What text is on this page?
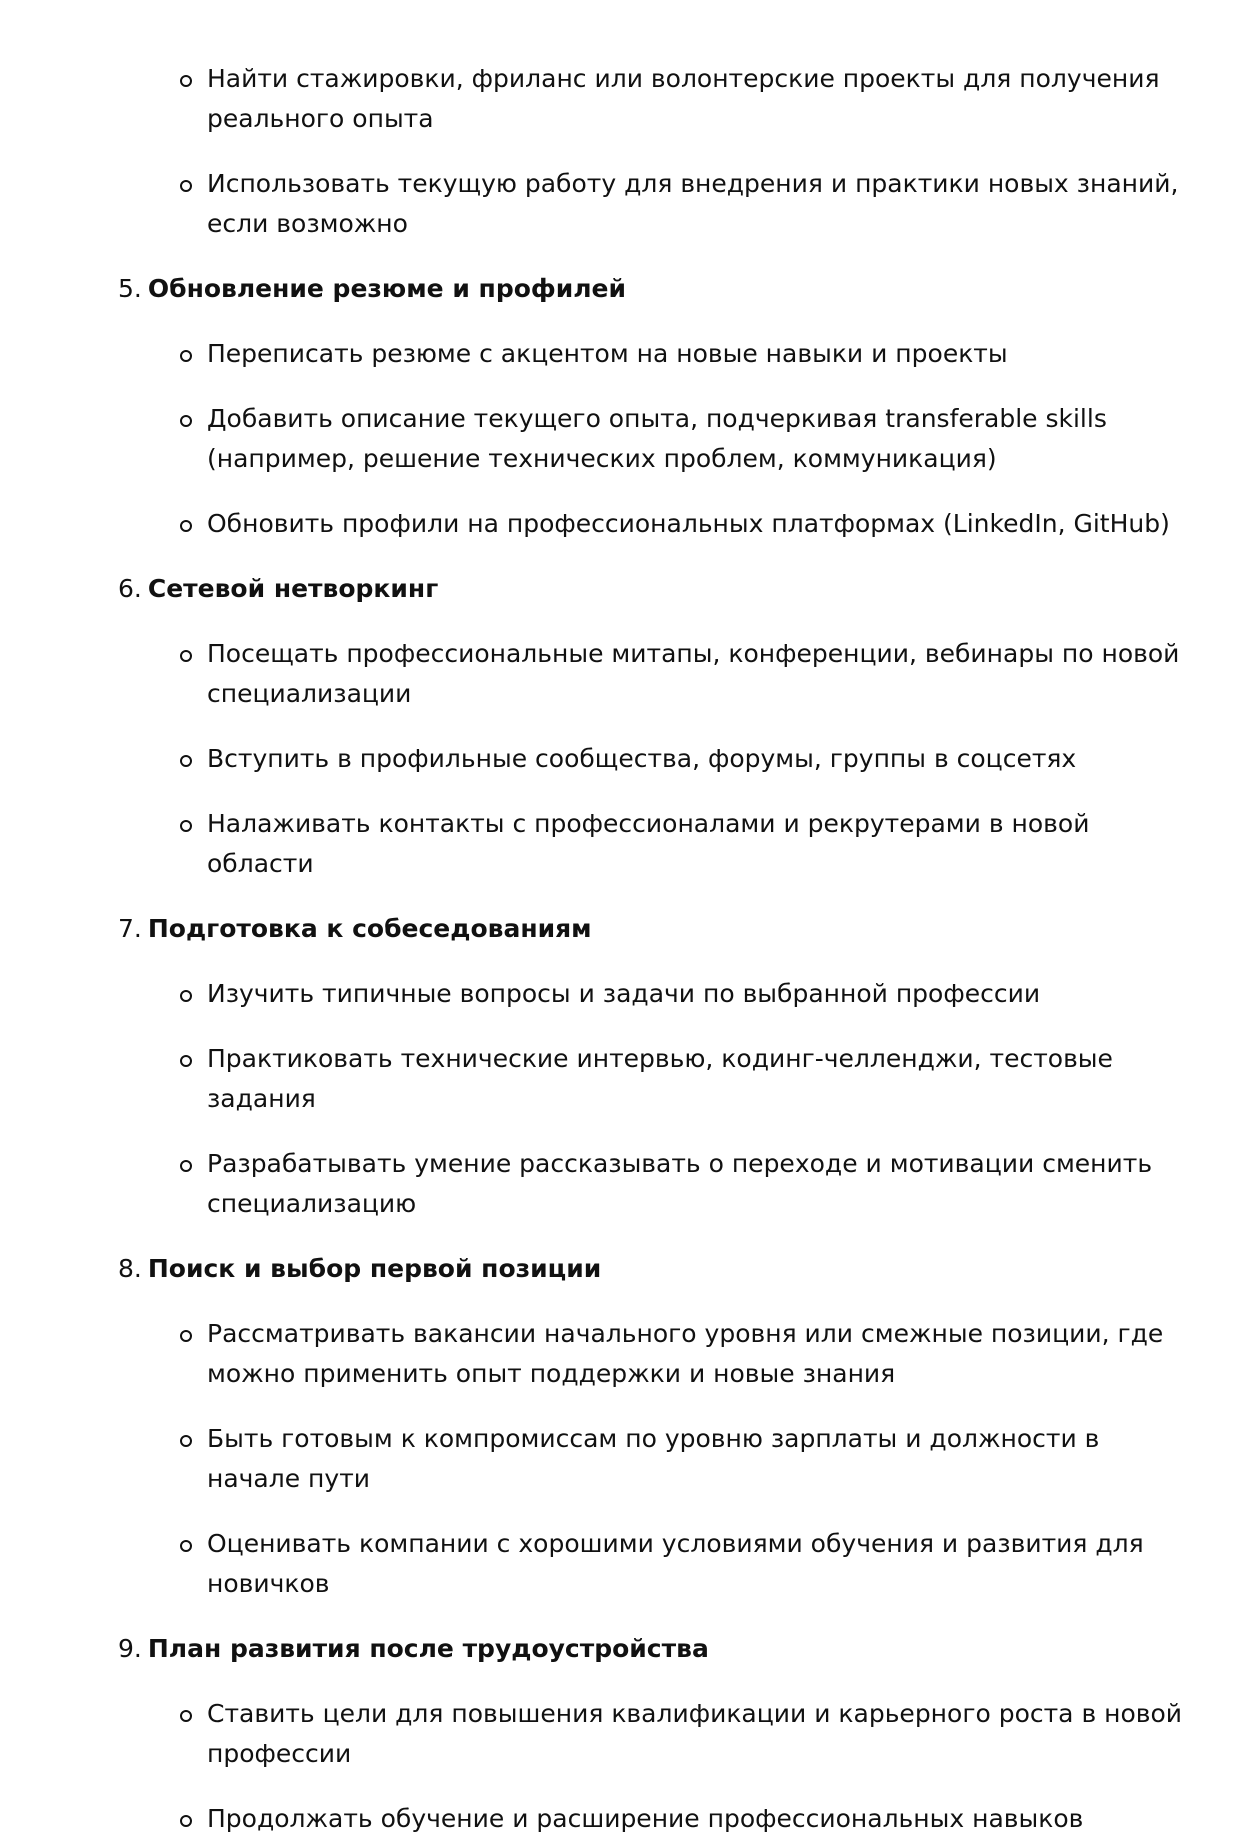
Найти стажировки, фриланс или волонтерские проекты для получения реального опыта
Использовать текущую работу для внедрения и практики новых знаний, если возможно
5. Обновление резюме и профилей
Переписать резюме с акцентом на новые навыки и проекты
Добавить описание текущего опыта, подчеркивая transferable skills (например, решение технических проблем, коммуникация)
Обновить профили на профессиональных платформах (LinkedIn, GitHub)
6. Сетевой нетворкинг
Посещать профессиональные митапы, конференции, вебинары по новой специализации
Вступить в профильные сообщества, форумы, группы в соцсетях
Налаживать контакты с профессионалами и рекрутерами в новой области
7. Подготовка к собеседованиям
Изучить типичные вопросы и задачи по выбранной профессии
Практиковать технические интервью, кодинг-челленджи, тестовые задания
Разрабатывать умение рассказывать о переходе и мотивации сменить специализацию
8. Поиск и выбор первой позиции
Рассматривать вакансии начального уровня или смежные позиции, где можно применить опыт поддержки и новые знания
Быть готовым к компромиссам по уровню зарплаты и должности в начале пути
Оценивать компании с хорошими условиями обучения и развития для новичков
9. План развития после трудоустройства
Ставить цели для повышения квалификации и карьерного роста в новой профессии
Продолжать обучение и расширение профессиональных навыков
